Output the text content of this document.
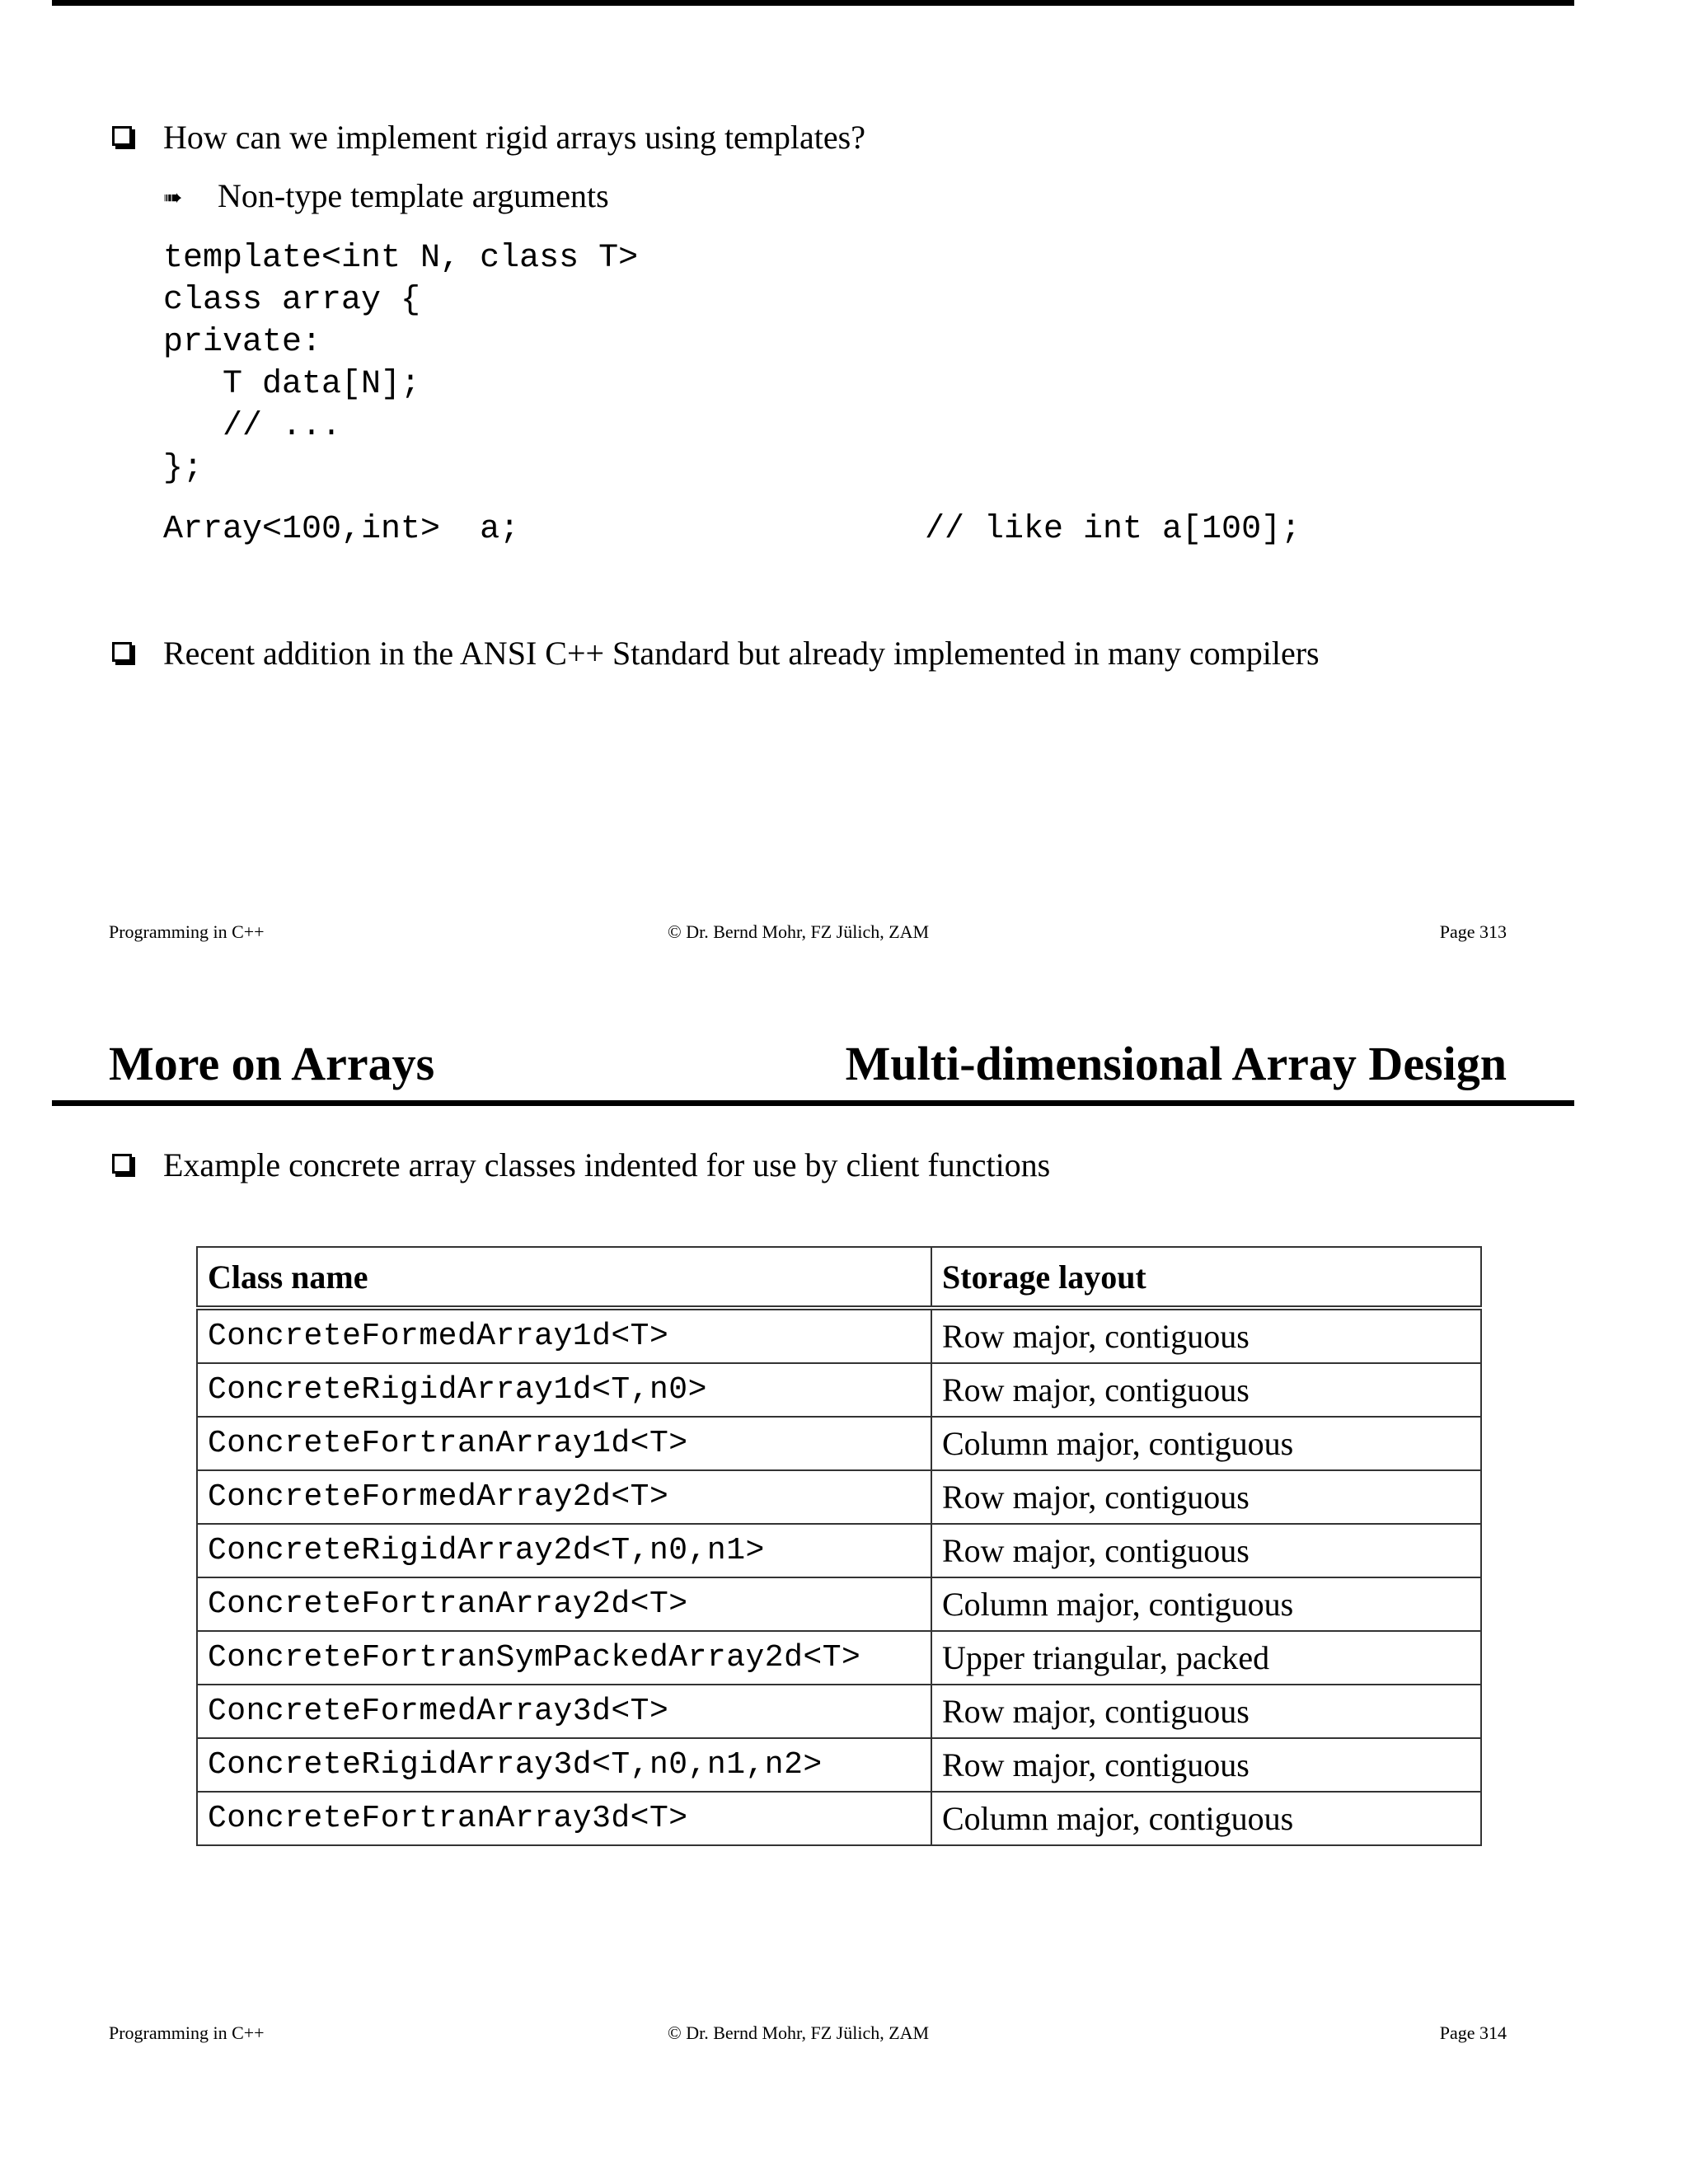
How can we implement rigid arrays using templates?
➠ Non-type template arguments
template<int N, class T>
class array {
private:
T data[N];
// ...
};
Array<100,int>  a;	// like int a[100];
Recent addition in the ANSI C++ Standard but already implemented in many compilers
Programming in C++	© Dr. Bernd Mohr, FZ Jülich, ZAM	Page 313
More on Arrays	Multi-dimensional Array Design
Example concrete array classes indented for use by client functions
Class name	Storage layout
ConcreteFormedArray1d<T>	Row major, contiguous
ConcreteRigidArray1d<T,n0>	Row major, contiguous
ConcreteFortranArray1d<T>	Column major, contiguous
ConcreteFormedArray2d<T>	Row major, contiguous
ConcreteRigidArray2d<T,n0,n1>	Row major, contiguous
ConcreteFortranArray2d<T>	Column major, contiguous
ConcreteFortranSymPackedArray2d<T>	Upper triangular, packed
ConcreteFormedArray3d<T>	Row major, contiguous
ConcreteRigidArray3d<T,n0,n1,n2>	Row major, contiguous
ConcreteFortranArray3d<T>	Column major, contiguous
Programming in C++	© Dr. Bernd Mohr, FZ Jülich, ZAM	Page 314
